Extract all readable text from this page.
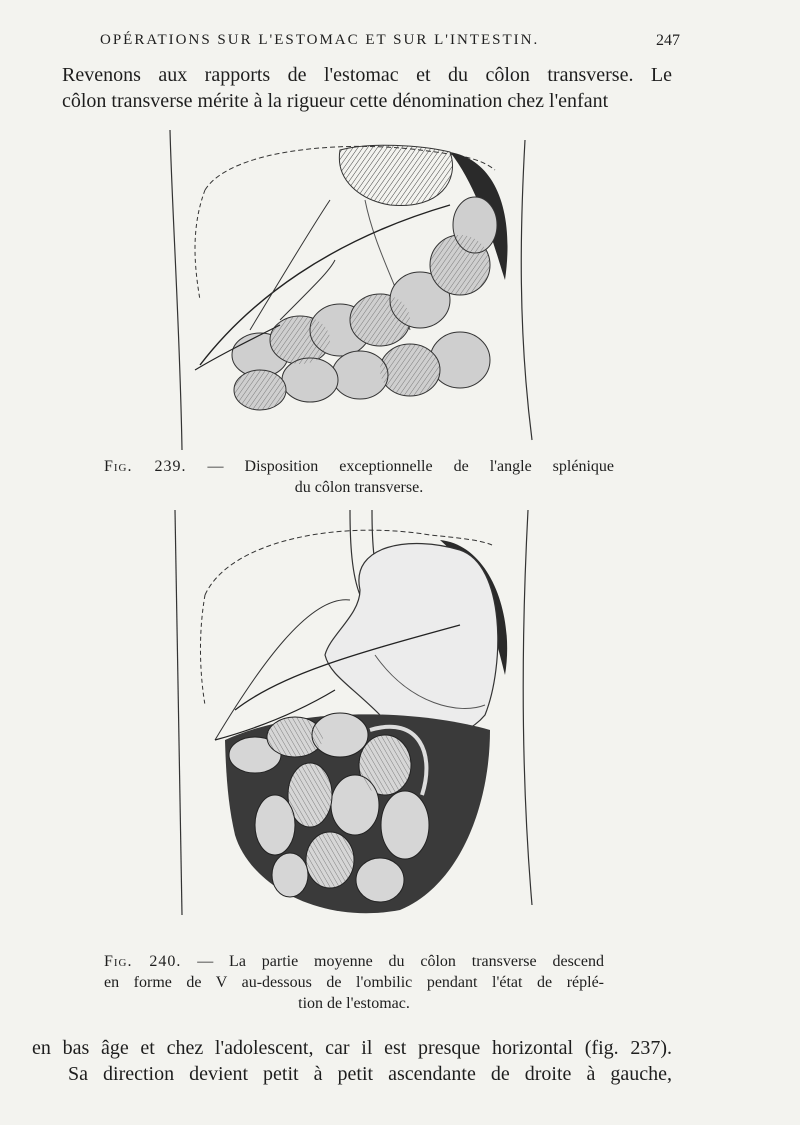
OPÉRATIONS SUR L'ESTOMAC ET SUR L'INTESTIN.	247
Revenons aux rapports de l'estomac et du côlon transverse. Le
côlon transverse mérite à la rigueur cette dénomination chez l'enfant
Fig. 239. — Disposition exceptionnelle de l'angle splénique
du côlon transverse.
Fig. 240. — La partie moyenne du côlon transverse descend
en forme de V au-dessous de l'ombilic pendant l'état de réplé-
tion de l'estomac.
en bas âge et chez l'adolescent, car il est presque horizontal (fig. 237).
Sa direction devient petit à petit ascendante de droite à gauche,
